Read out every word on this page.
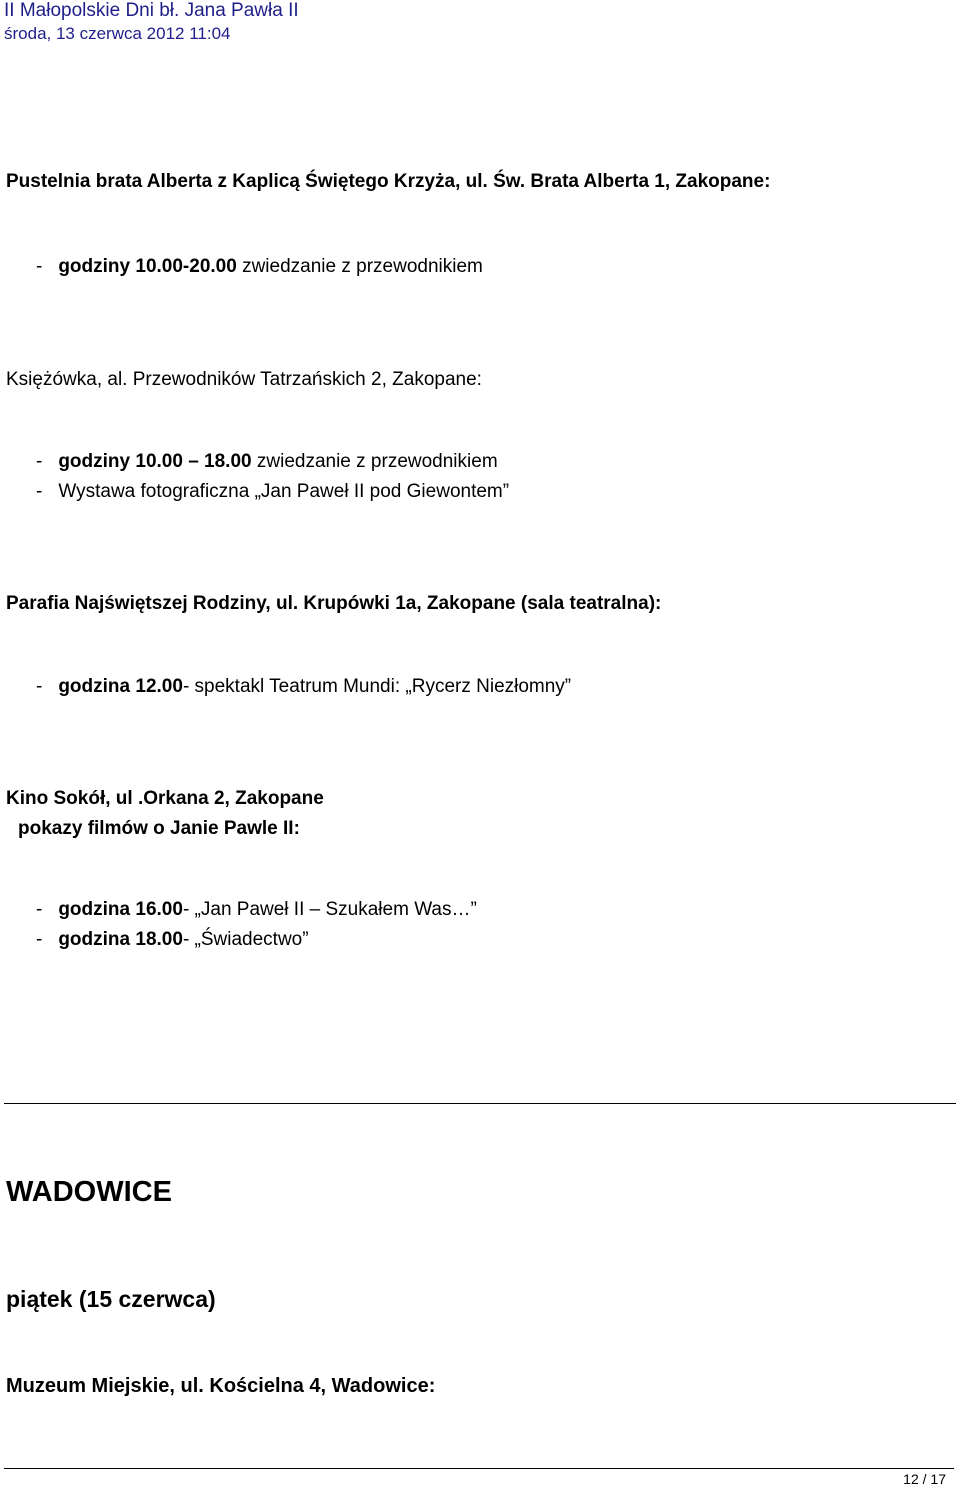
II Małopolskie Dni bł. Jana Pawła II
środa, 13 czerwca 2012 11:04
Pustelnia brata Alberta z Kaplicą Świętego Krzyża, ul. Św. Brata Alberta 1, Zakopane:
- godziny 10.00-20.00 zwiedzanie z przewodnikiem
Księżówka, al. Przewodników Tatrzańskich 2, Zakopane:
- godziny 10.00 – 18.00 zwiedzanie z przewodnikiem
- Wystawa fotograficzna „Jan Paweł II pod Giewontem”
Parafia Najświętszej Rodziny, ul. Krupówki 1a, Zakopane (sala teatralna):
- godzina 12.00- spektakl Teatrum Mundi: „Rycerz Niezłomny”
Kino Sokół, ul .Orkana 2, Zakopane
pokazy filmów o Janie Pawle II:
- godzina 16.00- „Jan Paweł II – Szukałem Was…”
- godzina 18.00- „Świadectwo”
WADOWICE
piątek (15 czerwca)
Muzeum Miejskie, ul. Kościelna 4, Wadowice:
12 / 17
